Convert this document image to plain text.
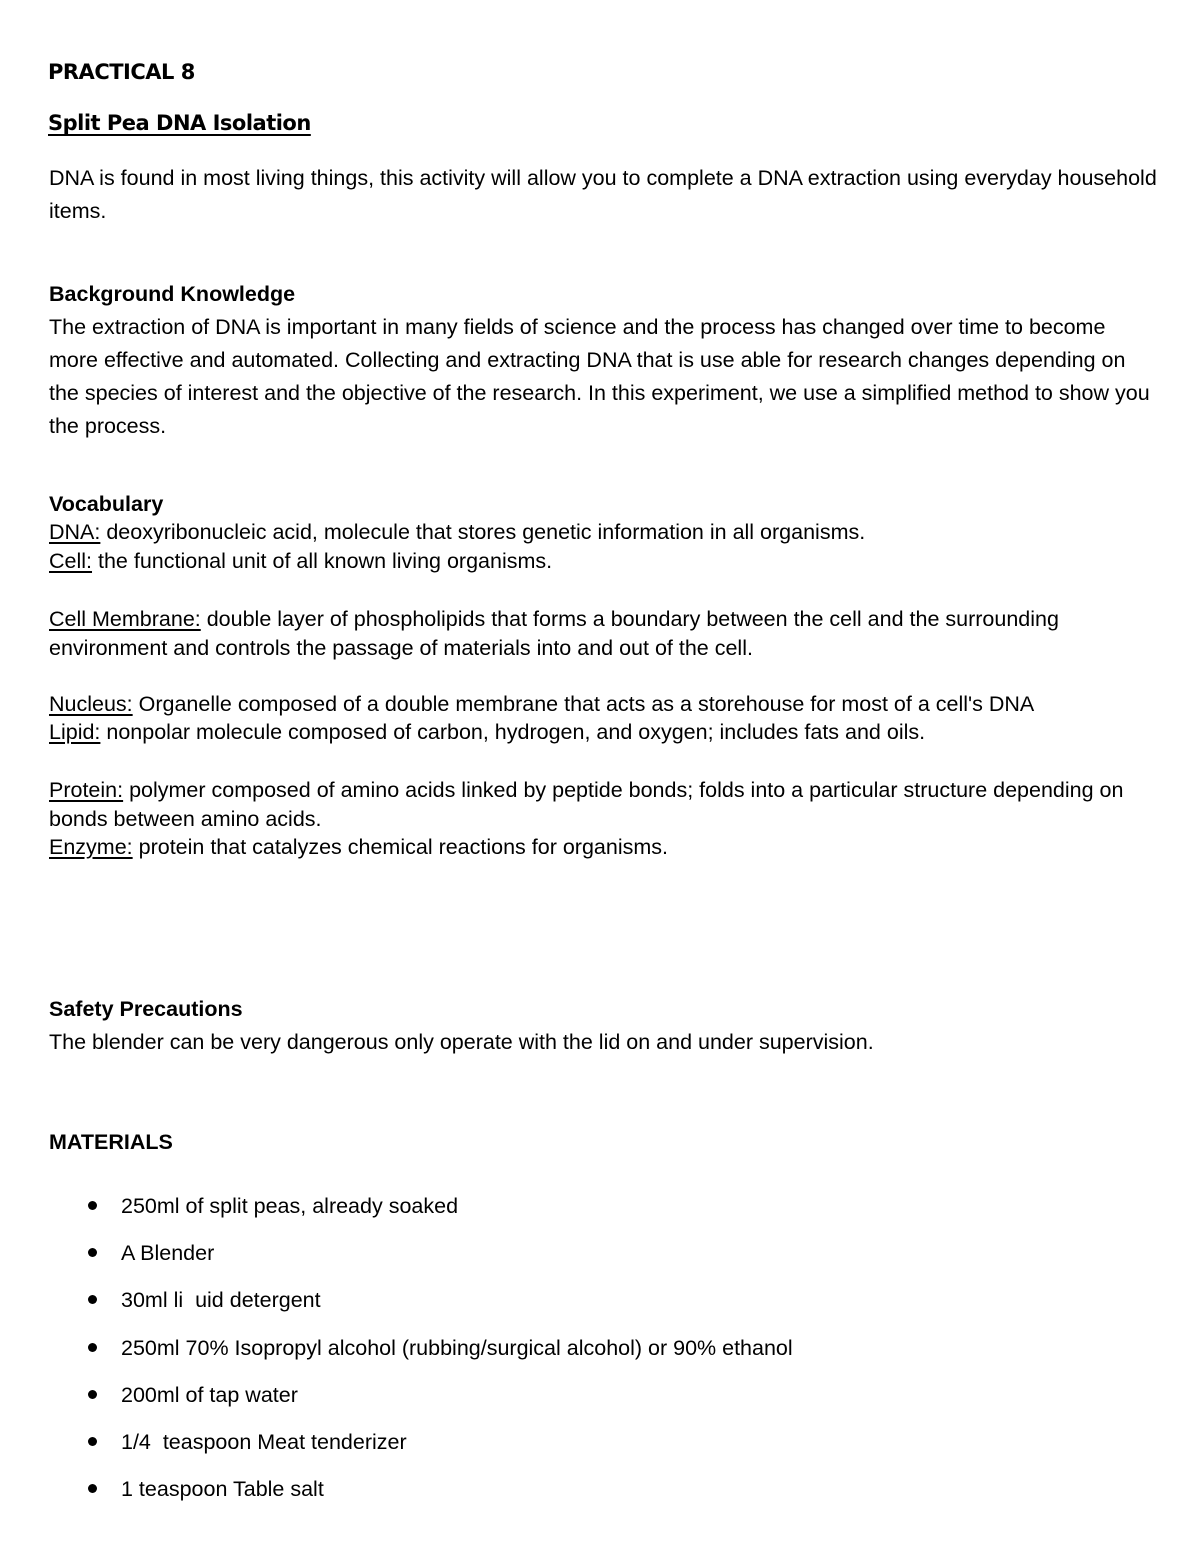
PRACTICAL 8
Split Pea DNA Isolation
DNA is found in most living things, this activity will allow you to complete a DNA extraction using everyday household items.
Background Knowledge
The extraction of DNA is important in many fields of science and the process has changed over time to become more effective and automated. Collecting and extracting DNA that is use able for research changes depending on the species of interest and the objective of the research. In this experiment, we use a simplified method to show you the process.
Vocabulary
DNA: deoxyribonucleic acid, molecule that stores genetic information in all organisms.
Cell: the functional unit of all known living organisms.
Cell Membrane: double layer of phospholipids that forms a boundary between the cell and the surrounding environment and controls the passage of materials into and out of the cell.
Nucleus: Organelle composed of a double membrane that acts as a storehouse for most of a cell's DNA
Lipid: nonpolar molecule composed of carbon, hydrogen, and oxygen; includes fats and oils.
Protein: polymer composed of amino acids linked by peptide bonds; folds into a particular structure depending on bonds between amino acids.
Enzyme: protein that catalyzes chemical reactions for organisms.
Safety Precautions
The blender can be very dangerous only operate with the lid on and under supervision.
MATERIALS
250ml of split peas, already soaked
A Blender
30ml li  uid detergent
250ml 70% Isopropyl alcohol (rubbing/surgical alcohol) or 90% ethanol
200ml of tap water
1/4  teaspoon Meat tenderizer
1 teaspoon Table salt
